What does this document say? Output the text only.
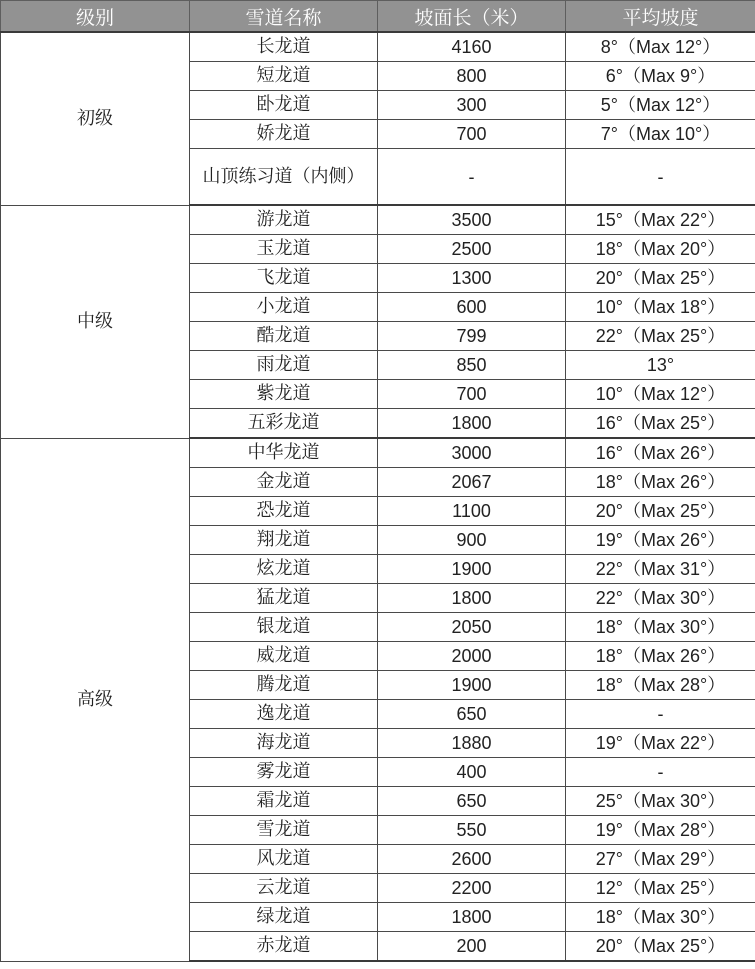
级别	雪道名称	坡面长（米）	平均坡度
初级	长龙道	4160	8°（Max 12°）
	短龙道	800	6°（Max 9°）
	卧龙道	300	5°（Max 12°）
	娇龙道	700	7°（Max 10°）
	山顶练习道（内侧）	-	-
中级	游龙道	3500	15°（Max 22°）
	玉龙道	2500	18°（Max 20°）
	飞龙道	1300	20°（Max 25°）
	小龙道	600	10°（Max 18°）
	酷龙道	799	22°（Max 25°）
	雨龙道	850	13°
	紫龙道	700	10°（Max 12°）
	五彩龙道	1800	16°（Max 25°）
高级	中华龙道	3000	16°（Max 26°）
	金龙道	2067	18°（Max 26°）
	恐龙道	1100	20°（Max 25°）
	翔龙道	900	19°（Max 26°）
	炫龙道	1900	22°（Max 31°）
	猛龙道	1800	22°（Max 30°）
	银龙道	2050	18°（Max 30°）
	威龙道	2000	18°（Max 26°）
	腾龙道	1900	18°（Max 28°）
	逸龙道	650	-
	海龙道	1880	19°（Max 22°）
	雾龙道	400	-
	霜龙道	650	25°（Max 30°）
	雪龙道	550	19°（Max 28°）
	风龙道	2600	27°（Max 29°）
	云龙道	2200	12°（Max 25°）
	绿龙道	1800	18°（Max 30°）
	赤龙道	200	20°（Max 25°）
